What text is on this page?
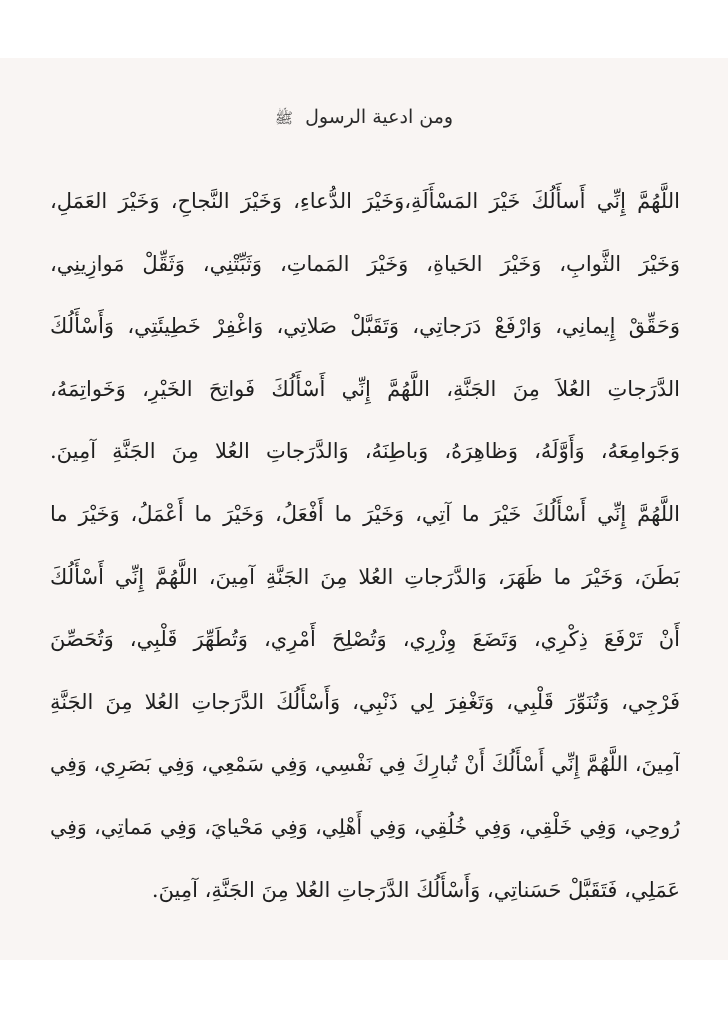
ومن ادعية الرسول ﷺ
اللَّهُمَّ إِنِّي أَسأَلُكَ خَيْرَ المَسْأَلَةِ،وَخَيْرَ الدُّعاءِ، وَخَيْرَ النَّجاحِ، وَخَيْرَ العَمَلِ،
وَخَيْرَ الثَّوابِ، وَخَيْرَ الحَياةِ، وَخَيْرَ المَماتِ، وَثَبِّتْنِي، وَثَقِّلْ مَوازِينِي،
وَحَقِّقْ إِيمانِي، وَارْفَعْ دَرَجاتِي، وَتَقَبَّلْ صَلاتِي، وَاغْفِرْ خَطِيئَتِي، وَأَسْأَلُكَ
الدَّرَجاتِ العُلاَ مِنَ الجَنَّةِ، اللَّهُمَّ إِنِّي أَسْأَلُكَ فَواتِحَ الخَيْرِ، وَخَواتِمَهُ،
وَجَوامِعَهُ، وَأَوَّلَهُ، وَظاهِرَهُ، وَباطِنَهُ، وَالدَّرَجاتِ العُلا مِنَ الجَنَّةِ آمِينَ.
اللَّهُمَّ إِنِّي أَسْأَلُكَ خَيْرَ ما آتِي، وَخَيْرَ ما أَفْعَلُ، وَخَيْرَ ما أَعْمَلُ، وَخَيْرَ ما
بَطَنَ، وَخَيْرَ ما ظَهَرَ، وَالدَّرَجاتِ العُلا مِنَ الجَنَّةِ آمِينَ، اللَّهُمَّ إِنِّي أَسْأَلُكَ
أَنْ تَرْفَعَ ذِكْرِي، وَتَضَعَ وِزْرِي، وَتُصْلِحَ أَمْرِي، وَتُطَهِّرَ قَلْبِي، وَتُحَصِّنَ
فَرْجِي، وَتُنَوِّرَ قَلْبِي، وَتَغْفِرَ لِي ذَنْبِي، وَأَسْأَلُكَ الدَّرَجاتِ العُلا مِنَ الجَنَّةِ
آمِينَ، اللَّهُمَّ إِنِّي أَسْأَلُكَ أَنْ تُبارِكَ فِي نَفْسِي، وَفِي سَمْعِي، وَفِي بَصَرِي، وَفِي
رُوحِي، وَفِي خَلْقِي، وَفِي خُلُقِي، وَفِي أَهْلِي، وَفِي مَحْيايَ، وَفِي مَماتِي، وَفِي
عَمَلِي، فَتَقَبَّلْ حَسَناتِي، وَأَسْأَلُكَ الدَّرَجاتِ العُلا مِنَ الجَنَّةِ، آمِينَ.
